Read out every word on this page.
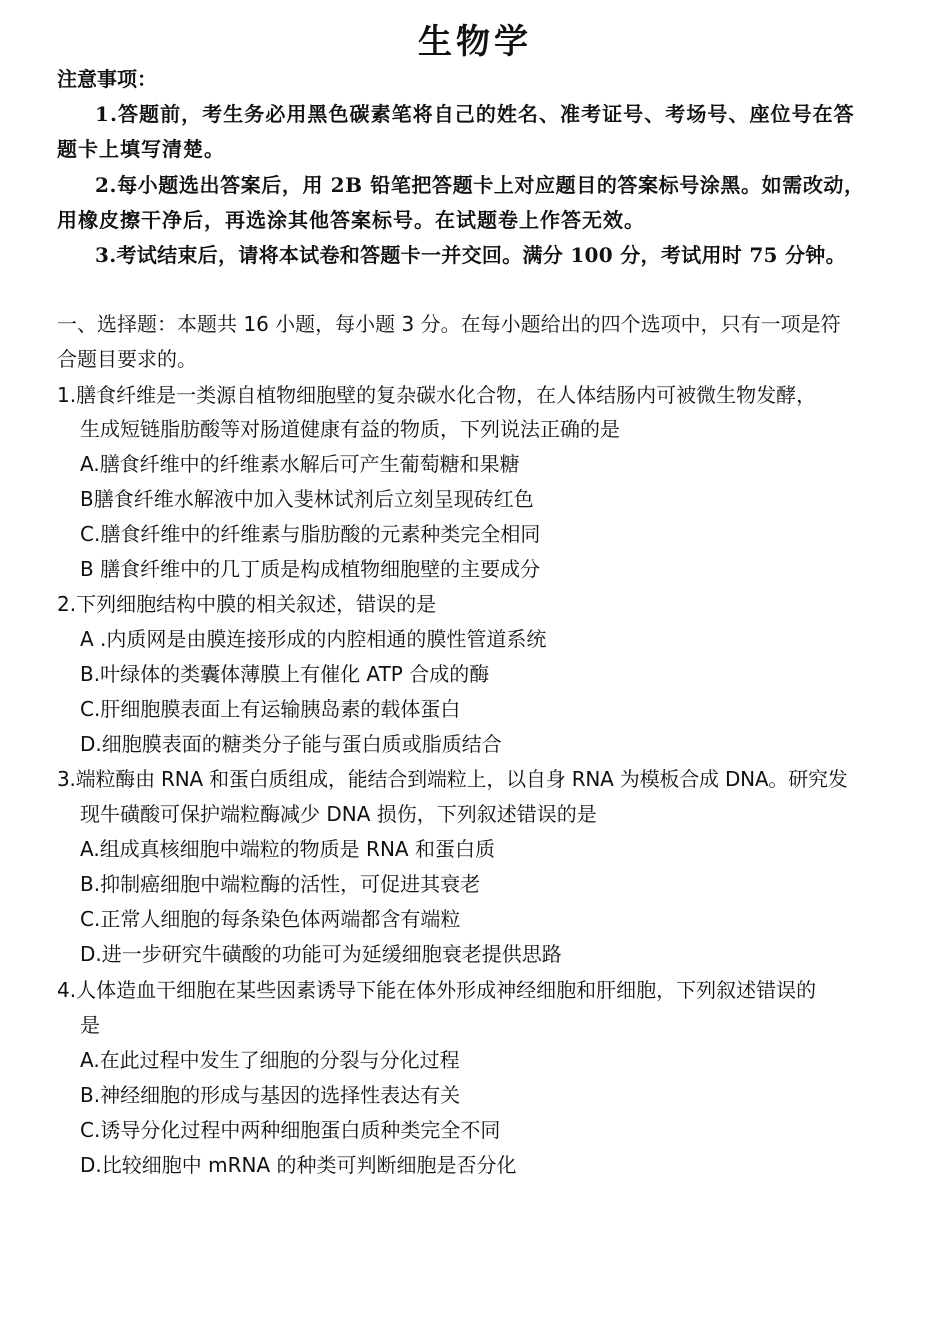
生物学
注意事项：
1.答题前，考生务必用黑色碳素笔将自己的姓名、准考证号、考场号、座位号在答
题卡上填写清楚。
2.每小题选出答案后，用 2B 铅笔把答题卡上对应题目的答案标号涂黑。如需改动，
用橡皮擦干净后，再选涂其他答案标号。在试题卷上作答无效。
3.考试结束后，请将本试卷和答题卡一并交回。满分 100 分，考试用时 75 分钟。
一、选择题：本题共 16 小题，每小题 3 分。在每小题给出的四个选项中，只有一项是符
合题目要求的。
1.膳食纤维是一类源自植物细胞壁的复杂碳水化合物，在人体结肠内可被微生物发酵，
生成短链脂肪酸等对肠道健康有益的物质，下列说法正确的是
A.膳食纤维中的纤维素水解后可产生葡萄糖和果糖
B膳食纤维水解液中加入斐林试剂后立刻呈现砖红色
C.膳食纤维中的纤维素与脂肪酸的元素种类完全相同
B 膳食纤维中的几丁质是构成植物细胞壁的主要成分
2.下列细胞结构中膜的相关叙述，错误的是
A .内质网是由膜连接形成的内腔相通的膜性管道系统
B.叶绿体的类囊体薄膜上有催化 ATP 合成的酶
C.肝细胞膜表面上有运输胰岛素的载体蛋白
D.细胞膜表面的糖类分子能与蛋白质或脂质结合
3.端粒酶由 RNA 和蛋白质组成，能结合到端粒上，以自身 RNA 为模板合成 DNA。研究发
现牛磺酸可保护端粒酶减少 DNA 损伤，下列叙述错误的是
A.组成真核细胞中端粒的物质是 RNA 和蛋白质
B.抑制癌细胞中端粒酶的活性，可促进其衰老
C.正常人细胞的每条染色体两端都含有端粒
D.进一步研究牛磺酸的功能可为延缓细胞衰老提供思路
4.人体造血干细胞在某些因素诱导下能在体外形成神经细胞和肝细胞，下列叙述错误的
是
A.在此过程中发生了细胞的分裂与分化过程
B.神经细胞的形成与基因的选择性表达有关
C.诱导分化过程中两种细胞蛋白质种类完全不同
D.比较细胞中 mRNA 的种类可判断细胞是否分化
